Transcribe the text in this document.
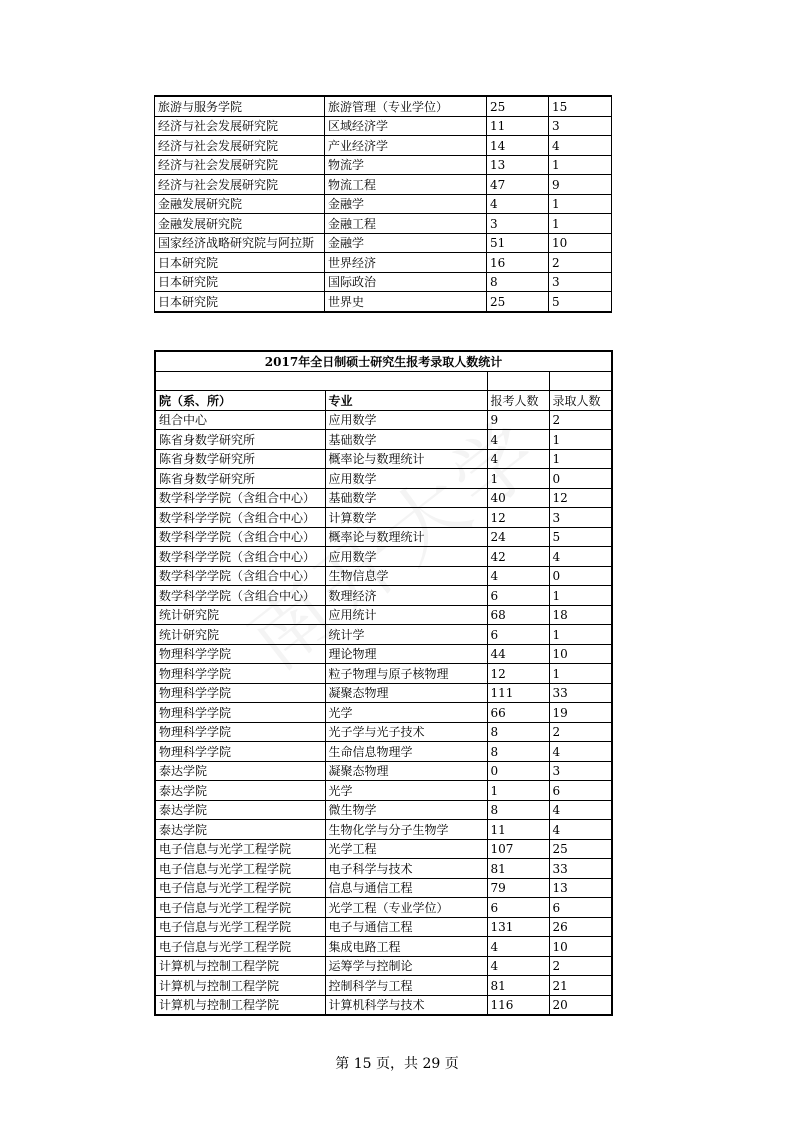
旅游与服务学院	旅游管理（专业学位）	25	15
经济与社会发展研究院	区域经济学	11	3
经济与社会发展研究院	产业经济学	14	4
经济与社会发展研究院	物流学	13	1
经济与社会发展研究院	物流工程	47	9
金融发展研究院	金融学	4	1
金融发展研究院	金融工程	3	1
国家经济战略研究院与阿拉斯	金融学	51	10
日本研究院	世界经济	16	2
日本研究院	国际政治	8	3
日本研究院	世界史	25	5
2017年全日制硕士研究生报考录取人数统计			

院（系、所）	专业	报考人数	录取人数
组合中心	应用数学	9	2
陈省身数学研究所	基础数学	4	1
陈省身数学研究所	概率论与数理统计	4	1
陈省身数学研究所	应用数学	1	0
数学科学学院（含组合中心）	基础数学	40	12
数学科学学院（含组合中心）	计算数学	12	3
数学科学学院（含组合中心）	概率论与数理统计	24	5
数学科学学院（含组合中心）	应用数学	42	4
数学科学学院（含组合中心）	生物信息学	4	0
数学科学学院（含组合中心）	数理经济	6	1
统计研究院	应用统计	68	18
统计研究院	统计学	6	1
物理科学学院	理论物理	44	10
物理科学学院	粒子物理与原子核物理	12	1
物理科学学院	凝聚态物理	111	33
物理科学学院	光学	66	19
物理科学学院	光子学与光子技术	8	2
物理科学学院	生命信息物理学	8	4
泰达学院	凝聚态物理	0	3
泰达学院	光学	1	6
泰达学院	微生物学	8	4
泰达学院	生物化学与分子生物学	11	4
电子信息与光学工程学院	光学工程	107	25
电子信息与光学工程学院	电子科学与技术	81	33
电子信息与光学工程学院	信息与通信工程	79	13
电子信息与光学工程学院	光学工程（专业学位）	6	6
电子信息与光学工程学院	电子与通信工程	131	26
电子信息与光学工程学院	集成电路工程	4	10
计算机与控制工程学院	运筹学与控制论	4	2
计算机与控制工程学院	控制科学与工程	81	21
计算机与控制工程学院	计算机科学与技术	116	20
第 15 页，共 29 页
